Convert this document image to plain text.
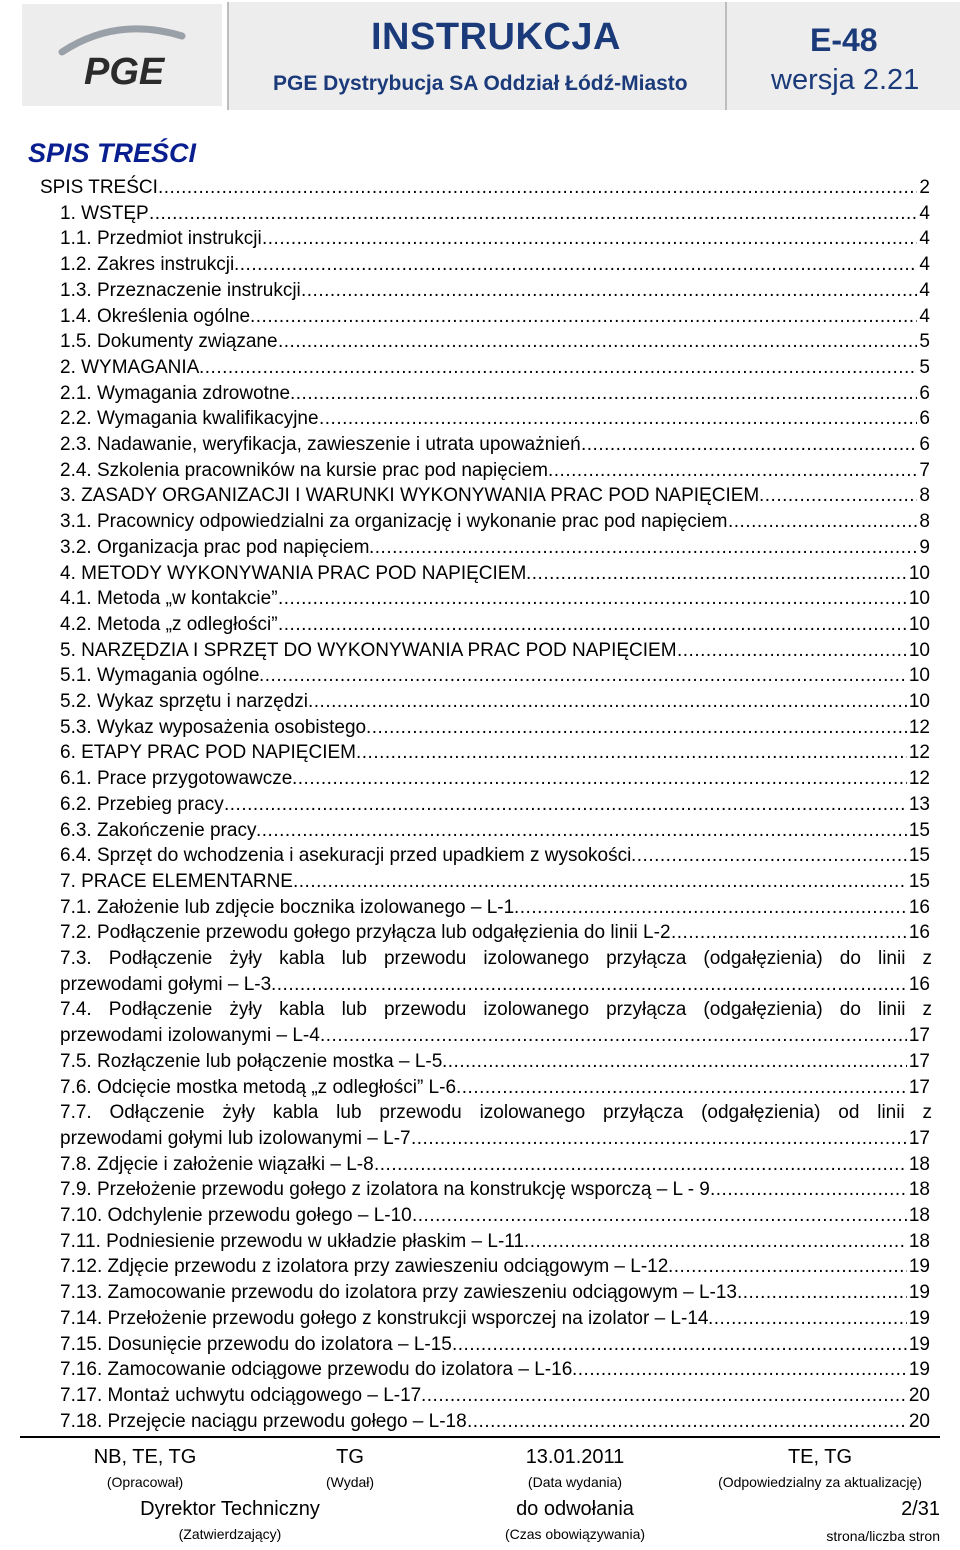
PGE
INSTRUKCJA
PGE Dystrybucja SA Oddział Łódź-Miasto
E-48
wersja 2.21
SPIS TREŚCI
SPIS TREŚCI .....	2
1. WSTĘP .....	4
1.1. Przedmiot instrukcji .....	4
1.2. Zakres instrukcji .....	4
1.3. Przeznaczenie instrukcji .....	4
1.4. Określenia ogólne .....	4
1.5. Dokumenty związane .....	5
2. WYMAGANIA .....	5
2.1. Wymagania zdrowotne .....	6
2.2. Wymagania kwalifikacyjne .....	6
2.3. Nadawanie, weryfikacja, zawieszenie i utrata upoważnień .....	6
2.4. Szkolenia pracowników na kursie prac pod napięciem .....	7
3. ZASADY ORGANIZACJI I WARUNKI WYKONYWANIA PRAC POD NAPIĘCIEM .....	8
3.1. Pracownicy odpowiedzialni za organizację i wykonanie prac pod napięciem .....	8
3.2. Organizacja prac pod napięciem .....	9
4. METODY WYKONYWANIA PRAC POD NAPIĘCIEM .....	10
4.1. Metoda „w kontakcie” .....	10
4.2. Metoda „z odległości” .....	10
5. NARZĘDZIA I SPRZĘT DO WYKONYWANIA PRAC POD NAPIĘCIEM .....	10
5.1. Wymagania ogólne .....	10
5.2. Wykaz sprzętu i narzędzi .....	10
5.3. Wykaz wyposażenia osobistego .....	12
6. ETAPY PRAC POD NAPIĘCIEM .....	12
6.1. Prace przygotowawcze .....	12
6.2. Przebieg pracy .....	13
6.3. Zakończenie pracy .....	15
6.4. Sprzęt do wchodzenia i asekuracji przed upadkiem z wysokości .....	15
7. PRACE ELEMENTARNE .....	15
7.1. Założenie lub zdjęcie bocznika izolowanego – L-1 .....	16
7.2. Podłączenie przewodu gołego przyłącza lub odgałęzienia do linii L-2 .....	16
7.3. Podłączenie żyły kabla lub przewodu izolowanego przyłącza (odgałęzienia) do linii z
przewodami gołymi – L-3 .....	16
7.4. Podłączenie żyły kabla lub przewodu izolowanego przyłącza (odgałęzienia) do linii z
przewodami izolowanymi – L-4 .....	17
7.5. Rozłączenie lub połączenie mostka – L-5 .....	17
7.6. Odcięcie mostka metodą „z odległości” L-6 .....	17
7.7. Odłączenie żyły kabla lub przewodu izolowanego przyłącza (odgałęzienia) od linii z
przewodami gołymi lub izolowanymi – L-7 .....	17
7.8. Zdjęcie i założenie wiązałki – L-8 .....	18
7.9. Przełożenie przewodu gołego z izolatora na konstrukcję wsporczą – L - 9 .....	18
7.10. Odchylenie przewodu gołego – L-10 .....	18
7.11. Podniesienie przewodu w układzie płaskim – L-11 .....	18
7.12. Zdjęcie przewodu z izolatora przy zawieszeniu odciągowym – L-12 .....	19
7.13. Zamocowanie przewodu do izolatora przy zawieszeniu odciągowym – L-13 .....	19
7.14. Przełożenie przewodu gołego z konstrukcji wsporczej na izolator – L-14 .....	19
7.15. Dosunięcie przewodu do izolatora – L-15 .....	19
7.16. Zamocowanie odciągowe przewodu do izolatora – L-16 .....	19
7.17. Montaż uchwytu odciągowego – L-17 .....	20
7.18. Przejęcie naciągu przewodu gołego – L-18 .....	20
NB, TE, TG
(Opracował)
TG
(Wydał)
13.01.2011
(Data wydania)
TE, TG
(Odpowiedzialny za aktualizację)
Dyrektor Techniczny
(Zatwierdzający)
do odwołania
(Czas obowiązywania)
2/31
strona/liczba stron
